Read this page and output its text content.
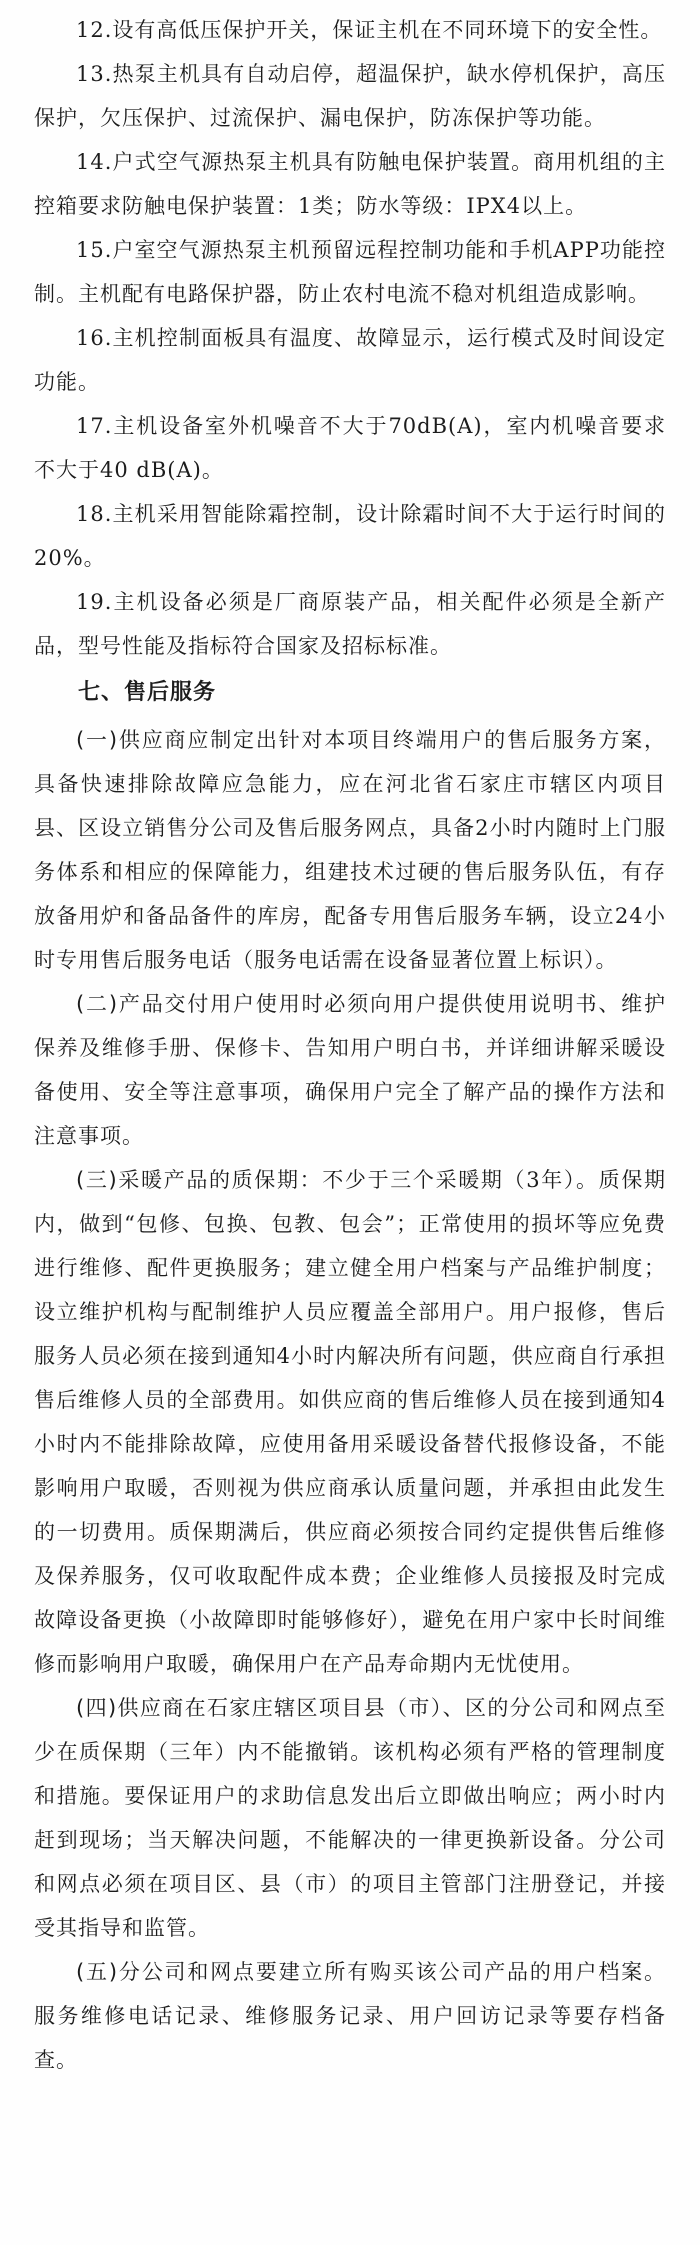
12.设有高低压保护开关，保证主机在不同环境下的安全性。

13.热泵主机具有自动启停，超温保护，缺水停机保护，高压保护，欠压保护、过流保护、漏电保护，防冻保护等功能。

14.户式空气源热泵主机具有防触电保护装置。商用机组的主控箱要求防触电保护装置：1类；防水等级：IPX4以上。

15.户室空气源热泵主机预留远程控制功能和手机APP功能控制。主机配有电路保护器，防止农村电流不稳对机组造成影响。

16.主机控制面板具有温度、故障显示，运行模式及时间设定功能。

17.主机设备室外机噪音不大于70dB(A)，室内机噪音要求不大于40 dB(A)。

18.主机采用智能除霜控制，设计除霜时间不大于运行时间的20%。

19.主机设备必须是厂商原装产品，相关配件必须是全新产品，型号性能及指标符合国家及招标标准。

七、售后服务

(一)供应商应制定出针对本项目终端用户的售后服务方案，具备快速排除故障应急能力，应在河北省石家庄市辖区内项目县、区设立销售分公司及售后服务网点，具备2小时内随时上门服务体系和相应的保障能力，组建技术过硬的售后服务队伍，有存放备用炉和备品备件的库房，配备专用售后服务车辆，设立24小时专用售后服务电话（服务电话需在设备显著位置上标识）。

(二)产品交付用户使用时必须向用户提供使用说明书、维护保养及维修手册、保修卡、告知用户明白书，并详细讲解采暖设备使用、安全等注意事项，确保用户完全了解产品的操作方法和注意事项。

(三)采暖产品的质保期：不少于三个采暖期（3年）。质保期内，做到“包修、包换、包教、包会”；正常使用的损坏等应免费进行维修、配件更换服务；建立健全用户档案与产品维护制度；设立维护机构与配制维护人员应覆盖全部用户。用户报修，售后服务人员必须在接到通知4小时内解决所有问题，供应商自行承担售后维修人员的全部费用。如供应商的售后维修人员在接到通知4小时内不能排除故障，应使用备用采暖设备替代报修设备，不能影响用户取暖，否则视为供应商承认质量问题，并承担由此发生的一切费用。质保期满后，供应商必须按合同约定提供售后维修及保养服务，仅可收取配件成本费；企业维修人员接报及时完成故障设备更换（小故障即时能够修好），避免在用户家中长时间维修而影响用户取暖，确保用户在产品寿命期内无忧使用。

(四)供应商在石家庄辖区项目县（市）、区的分公司和网点至少在质保期（三年）内不能撤销。该机构必须有严格的管理制度和措施。要保证用户的求助信息发出后立即做出响应；两小时内赶到现场；当天解决问题，不能解决的一律更换新设备。分公司和网点必须在项目区、县（市）的项目主管部门注册登记，并接受其指导和监管。

(五)分公司和网点要建立所有购买该公司产品的用户档案。服务维修电话记录、维修服务记录、用户回访记录等要存档备查。
